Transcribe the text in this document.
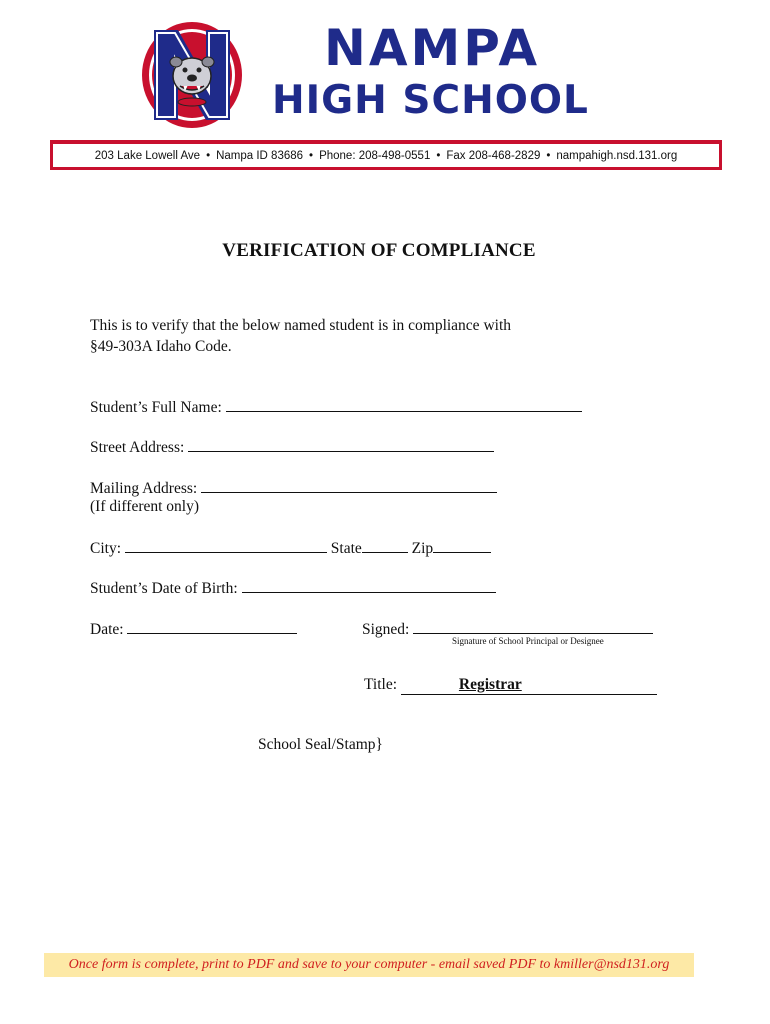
NAMPA
HIGH SCHOOL
203 Lake Lowell Ave • Nampa ID 83686 • Phone: 208-498-0551 • Fax 208-468-2829 • nampahigh.nsd.131.org
VERIFICATION OF COMPLIANCE
This is to verify that the below named student is in compliance with
§49-303A Idaho Code.
Student’s Full Name:
Street Address:
Mailing Address:
(If different only)
City:	State	Zip
Student’s Date of Birth:
Date:	Signed:
Signature of School Principal or Designee
Title:	Registrar
School Seal/Stamp}
Once form is complete, print to PDF and save to your computer - email saved PDF to kmiller@nsd131.org
